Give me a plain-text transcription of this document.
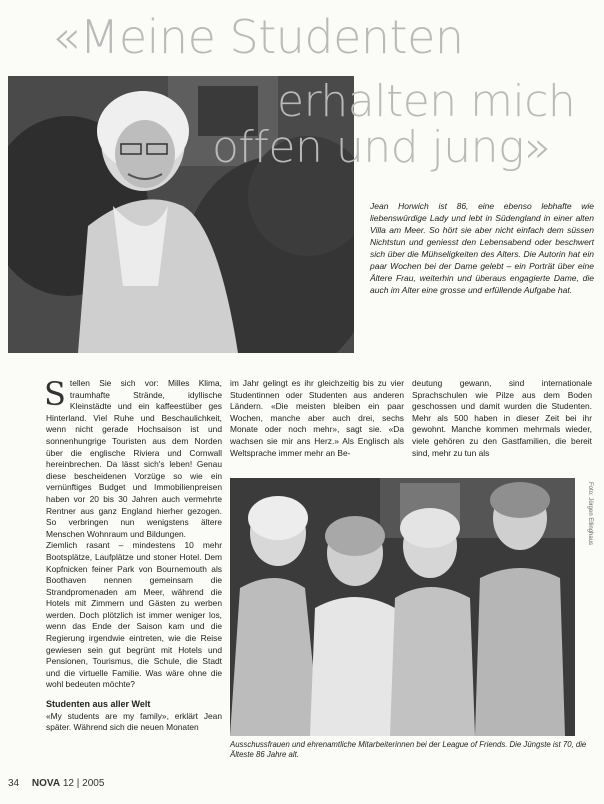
«Meine Studenten
erhalten mich
offen und jung»
Jean Horwich ist 86, eine ebenso lebhafte wie liebenswürdige Lady und lebt in Südengland in einer alten Villa am Meer. So hört sie aber nicht einfach dem süssen Nichtstun und geniesst den Lebensabend oder beschwert sich über die Mühseligkeiten des Alters. Die Autorin hat ein paar Wochen bei der Dame gelebt – ein Porträt über eine Ältere Frau, weiterhin und überaus engagierte Dame, die auch im Alter eine grosse und erfüllende Aufgabe hat.
S tellen Sie sich vor: Milles Klima, traumhafte Strände, idyllische Kleinstädte und ein kaffeestüber ges Hinterland. Viel Ruhe und Beschaulichkeit, wenn nicht gerade Hochsaison ist und sonnenhungrige Touristen aus dem Norden über die englische Riviera und Cornwall hereinbrechen. Da lässt sich's leben! Genau diese bescheidenen Vorzüge so wie ein vernünftiges Budget und Immobilienpreisen haben vor 20 bis 30 Jahren auch vermehrte Rentner aus ganz England hierher gezogen. So verbringen nun wenigstens ältere Menschen Wohnraum und Bildungen.

Ziemlich rasant – mindestens 10 mehr Bootsplätze, Laufplätze und stoner Hotel. Dem Kopfnicken feiner Park von Bournemouth als Boothaven nennen gemeinsam die Strandpromenaden am Meer, während die Hotels mit Zimmern und Gästen zu werben werden. Doch plötzlich ist immer weniger los, wenn das Ende der Saison kam und die Regierung irgendwie eintreten, wie die Reise gewiesen sein gut begrünt mit Hotels und Pensionen, Tourismus, die Schule, die Stadt und die virtuelle Familie. Was wäre ohne die wohl bedeuten möchte?

Studenten aus aller Welt

«My students are my family», erklärt Jean später. Während sich die neuen Monaten

im Jahr gelingt es ihr gleichzeitig bis zu vier Studentinnen oder Studenten aus anderen Ländern. «Die meisten bleiben ein paar Wochen, manche aber auch drei, sechs Monate oder noch mehr», sagt sie. «Da wachsen sie mir ans Herz.» Als Englisch als Weltsprache immer mehr an Be-

deutung gewann, sind internationale Sprachschulen wie Pilze aus dem Boden geschossen und damit wurden die Studenten. Mehr als 500 haben in dieser Zeit bei ihr gewohnt. Manche kommen mehrmals wieder, viele gehören zu den Gastfamilien, die bereit sind, mehr zu tun als

Foto: Jürgen Ellinghaus
Ausschussfrauen und ehrenamtliche Mitarbeiterinnen bei der League of Friends. Die Jüngste ist 70, die Älteste 86 Jahre alt.
34 NOVA 12 | 2005
